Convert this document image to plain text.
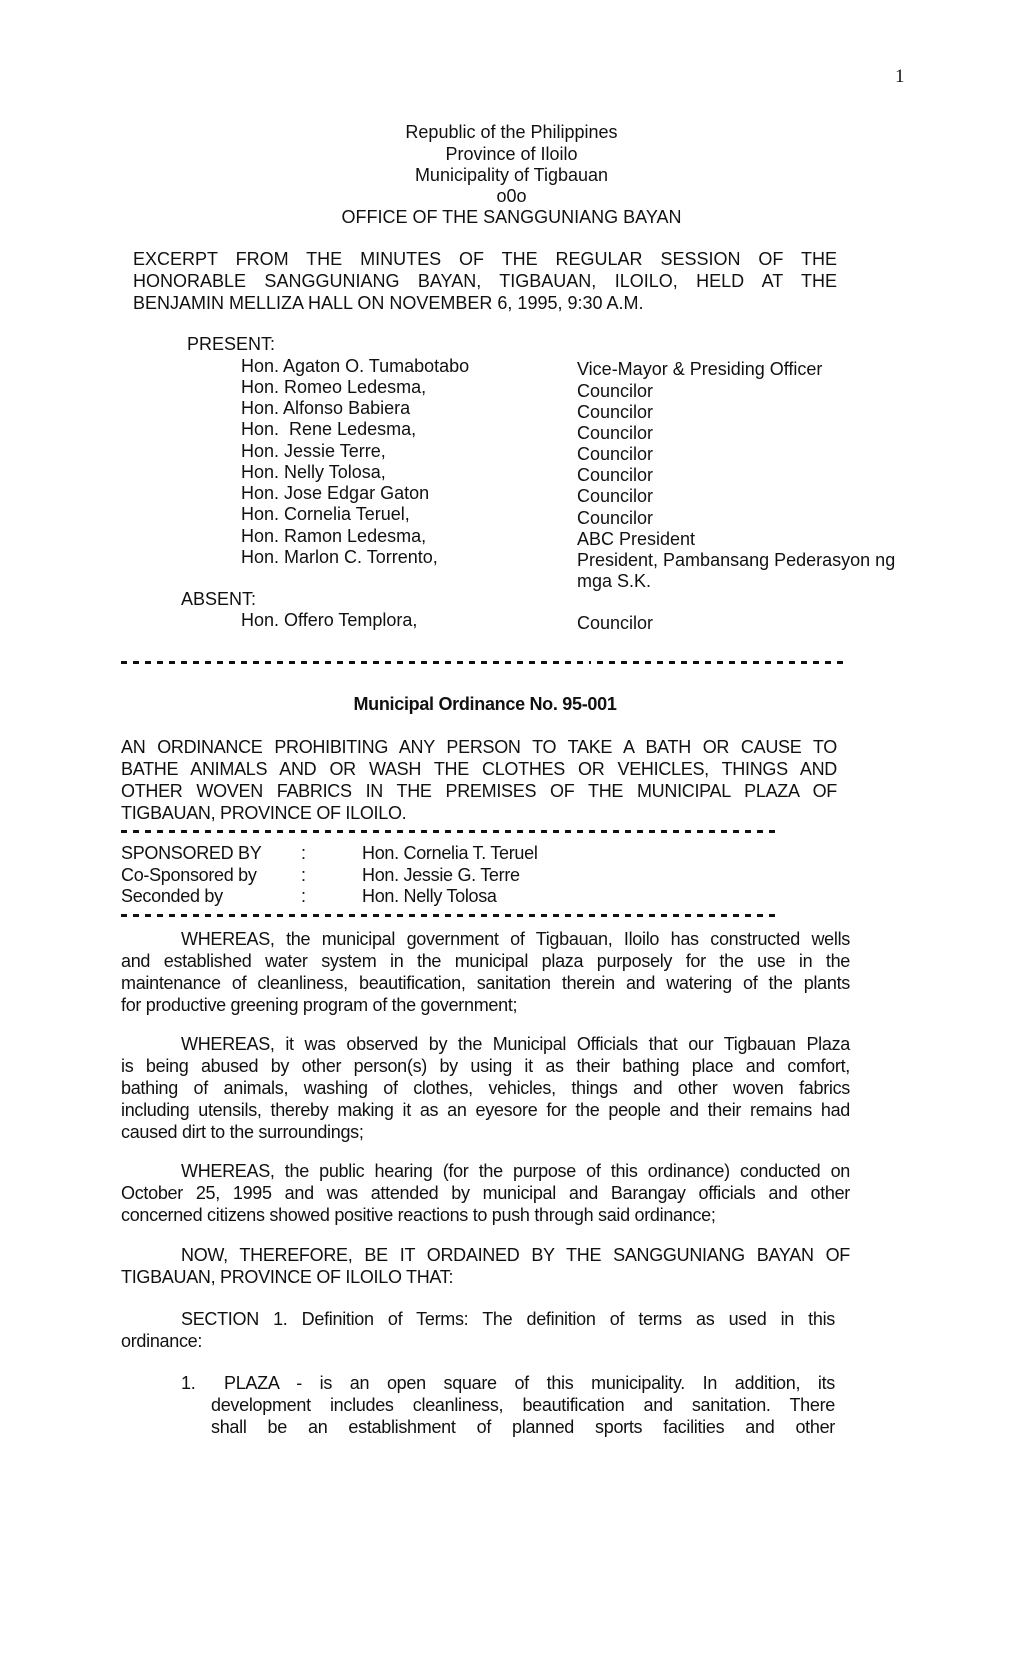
1
Republic of the Philippines
Province of Iloilo
Municipality of Tigbauan
o0o
OFFICE OF THE SANGGUNIANG BAYAN
EXCERPT FROM THE MINUTES OF THE REGULAR SESSION OF THE
HONORABLE SANGGUNIANG BAYAN, TIGBAUAN, ILOILO, HELD AT THE
BENJAMIN MELLIZA HALL ON NOVEMBER 6, 1995, 9:30 A.M.
PRESENT:
Hon. Agaton O. Tumabotabo	Vice-Mayor & Presiding Officer
Hon. Romeo Ledesma,	Councilor
Hon. Alfonso Babiera	Councilor
Hon.  Rene Ledesma,	Councilor
Hon. Jessie Terre,	Councilor
Hon. Nelly Tolosa,	Councilor
Hon. Jose Edgar Gaton	Councilor
Hon. Cornelia Teruel,	Councilor
Hon. Ramon Ledesma,	ABC President
Hon. Marlon C. Torrento,	President, Pambansang Pederasyon ng
mga S.K.
ABSENT:
Hon. Offero Templora,	Councilor
Municipal Ordinance No. 95-001
AN ORDINANCE PROHIBITING ANY PERSON TO TAKE A BATH OR CAUSE TO
BATHE ANIMALS AND OR WASH THE CLOTHES OR VEHICLES, THINGS AND
OTHER WOVEN FABRICS IN THE PREMISES OF THE MUNICIPAL PLAZA OF
TIGBAUAN, PROVINCE OF ILOILO.
SPONSORED BY :	Hon. Cornelia T. Teruel
Co-Sponsored by :	Hon. Jessie G. Terre
Seconded by	:	Hon. Nelly Tolosa
WHEREAS, the municipal government of Tigbauan, Iloilo has constructed wells
and established water system in the municipal plaza purposely for the use in the
maintenance of cleanliness, beautification, sanitation therein and watering of the plants
for productive greening program of the government;
WHEREAS, it was observed by the Municipal Officials that our Tigbauan Plaza
is being abused by other person(s) by using it as their bathing place and comfort,
bathing of animals, washing of clothes, vehicles, things and other woven fabrics
including utensils, thereby making it as an eyesore for the people and their remains had
caused dirt to the surroundings;
WHEREAS, the public hearing (for the purpose of this ordinance) conducted on
October 25, 1995 and was attended by municipal and Barangay officials and other
concerned citizens showed positive reactions to push through said ordinance;
NOW, THEREFORE, BE IT ORDAINED BY THE SANGGUNIANG BAYAN OF
TIGBAUAN, PROVINCE OF ILOILO THAT:
SECTION 1. Definition of Terms: The definition of terms as used in this
ordinance:
1.	PLAZA - is an open square of this municipality. In addition, its
development includes cleanliness, beautification and sanitation. There
shall be an establishment of planned sports facilities and other
